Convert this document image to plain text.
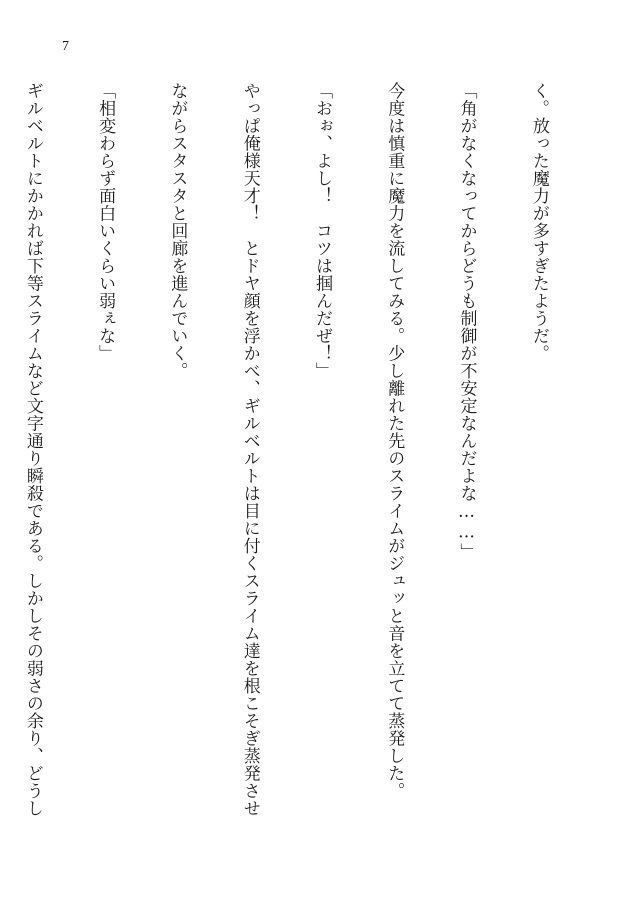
7

く。放った魔力が多すぎたようだ。

「角がなくなってからどうも制御が不安定なんだよな……」

今度は慎重に魔力を流してみる。少し離れた先のスライムがジュッと音を立てて蒸発した。

「おぉ、よし！　コツは掴んだぜ！」

やっぱ俺様天才！　とドヤ顔を浮かべ、ギルベルトは目に付くスライム達を根こそぎ蒸発させ

ながらスタスタと回廊を進んでいく。

「相変わらず面白いくらい弱ぇな」

ギルベルトにかかれば下等スライムなど文字通り瞬殺である。しかしその弱さの余り、どうし
